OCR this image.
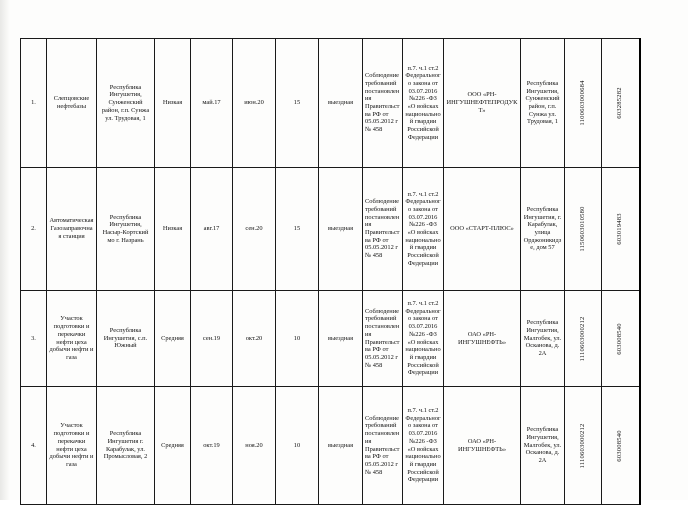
1.	Слепцовские нефтебазы	Республика Ингушетия, Сунженский район, г.п. Сунжа ул. Трудовая, 1	Низкая	май.17	июн.20	15	выездная	Соблюдение требований постановлен ия Правительст ва РФ от 05.05.2012 г № 458	п.7. ч.1 ст.2 Федеральног о закона от 03.07.2016 №226 -ФЗ «О войсках национально й гвардии Российской Федерации	ООО «РН-ИНГУШНЕФТЕПРОДУКТ»	Республика Ингушетия, Сунженский район, г.п. Сунжа ул. Трудовая, 1	1100603000684	603285282

2.	Автоматическая Газозаправочная станция	Республика Ингушетия, Насыр-Кортский мо г. Назрань	Низкая	авг.17	сен.20	15	выездная	Соблюдение требований постановлен ия Правительст ва РФ от 05.05.2012 г № 458	п.7. ч.1 ст.2 Федеральног о закона от 03.07.2016 №226 -ФЗ «О войсках национально й гвардии Российской Федерации	ООО «СТАРТ-ПЛЮС»	Республика Ингушетия, г. Карабулак, улица Орджоникидзе, дом 57	1150603010580	603019483

3.	Участок подготовки и перекачки нефти цеха добычи нефти и газа	Республика Ингушетия, с.п. Южный	Средняя	сен.19	окт.20	10	выездная	Соблюдение требований постановлен ия Правительст ва РФ от 05.05.2012 г № 458	п.7. ч.1 ст.2 Федеральног о закона от 03.07.2016 №226 -ФЗ «О войсках национально й гвардии Российской Федерации	ОАО «РН-ИНГУШНЕФТЬ»	Республика Ингушетия, Малгобек, ул. Осканова, д. 2А	1110603000212	603008540

4.	Участок подготовки и перекачки нефти цеха добычи нефти и газа	Республика Ингушетия г. Карабулак, ул. Промысловая, 2	Средняя	окт.19	ноя.20	10	выездная	Соблюдение требований постановлен ия Правительст ва РФ от 05.05.2012 г № 458	п.7. ч.1 ст.2 Федеральног о закона от 03.07.2016 №226 -ФЗ «О войсках национально й гвардии Российской Федерации	ОАО «РН-ИНГУШНЕФТЬ»	Республика Ингушетия, Малгобек, ул. Осканова, д. 2А	1110603000212	603008540
